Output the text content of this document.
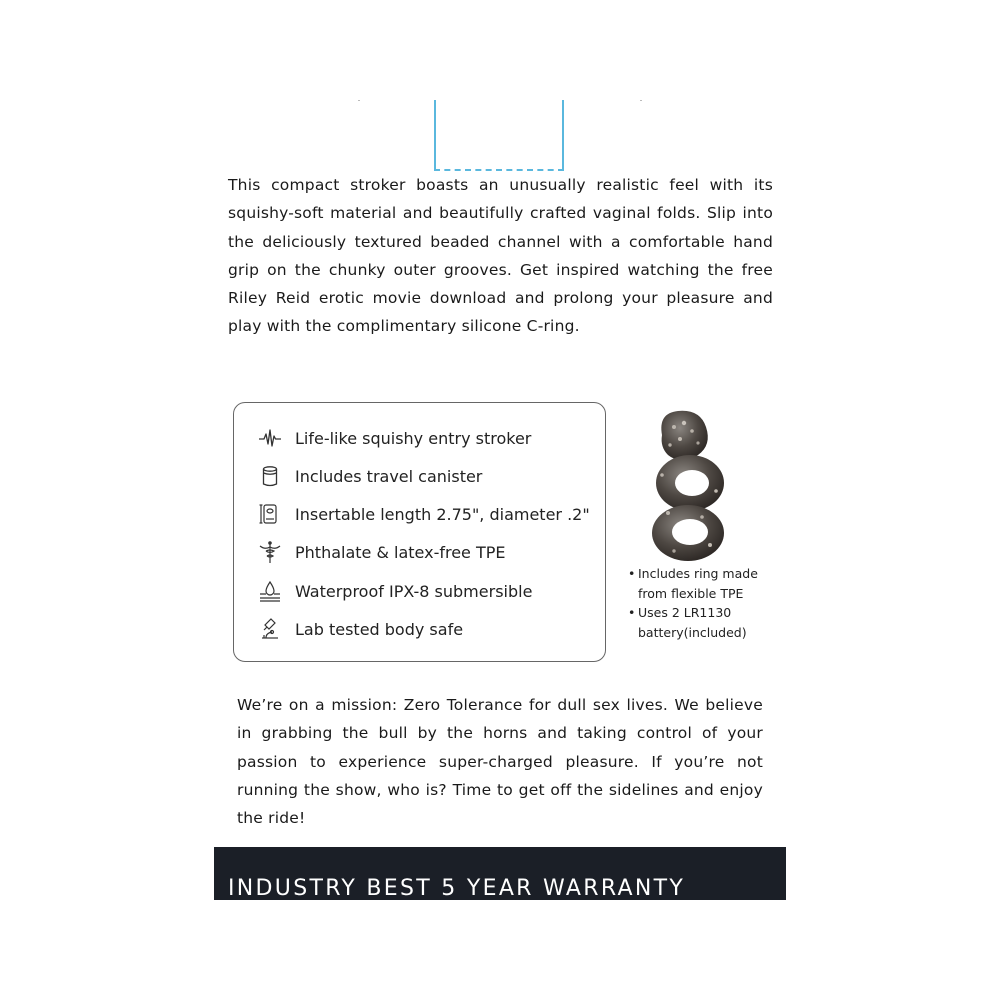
This compact stroker boasts an unusually realistic feel with its squishy-soft material and beautifully crafted vaginal folds. Slip into the deliciously textured beaded channel with a comfortable hand grip on the chunky outer grooves. Get inspired watching the free Riley Reid erotic movie download and prolong your pleasure and play with the complimentary silicone C-ring.

Life-like squishy entry stroker
Includes travel canister
Insertable length 2.75", diameter .2"
Phthalate & latex-free TPE
Waterproof IPX-8 submersible
Lab tested body safe
• Includes ring made
from flexible TPE
• Uses 2 LR1130
battery(included)

We’re on a mission: Zero Tolerance for dull sex lives. We believe in grabbing the bull by the horns and taking control of your passion to experience super-charged pleasure. If you’re not running the show, who is? Time to get off the sidelines and enjoy the ride!

INDUSTRY BEST 5 YEAR WARRANTY
